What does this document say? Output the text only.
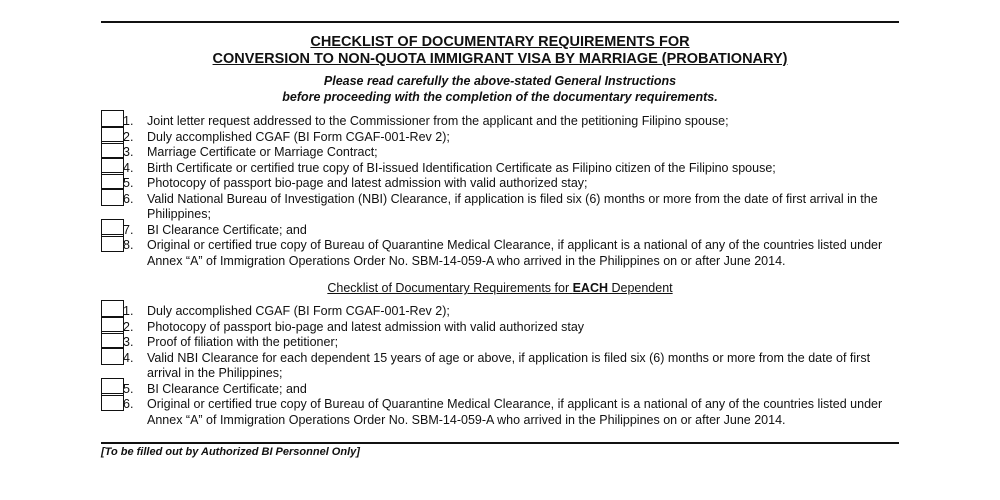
CHECKLIST OF DOCUMENTARY REQUIREMENTS FOR
CONVERSION TO NON-QUOTA IMMIGRANT VISA BY MARRIAGE (PROBATIONARY)
Please read carefully the above-stated General Instructions
before proceeding with the completion of the documentary requirements.
1.	Joint letter request addressed to the Commissioner from the applicant and the petitioning Filipino spouse;
2.	Duly accomplished CGAF (BI Form CGAF-001-Rev 2);
3.	Marriage Certificate or Marriage Contract;
4.	Birth Certificate or certified true copy of BI-issued Identification Certificate as Filipino citizen of the Filipino spouse;
5.	Photocopy of passport bio-page and latest admission with valid authorized stay;
6.	Valid National Bureau of Investigation (NBI) Clearance, if application is filed six (6) months or more from the date of first arrival in the Philippines;
7.	BI Clearance Certificate; and
8.	Original or certified true copy of Bureau of Quarantine Medical Clearance, if applicant is a national of any of the countries listed under Annex “A” of Immigration Operations Order No. SBM-14-059-A who arrived in the Philippines on or after June 2014.
Checklist of Documentary Requirements for EACH Dependent
1.	Duly accomplished CGAF (BI Form CGAF-001-Rev 2);
2.	Photocopy of passport bio-page and latest admission with valid authorized stay
3.	Proof of filiation with the petitioner;
4.	Valid NBI Clearance for each dependent 15 years of age or above, if application is filed six (6) months or more from the date of first arrival in the Philippines;
5.	BI Clearance Certificate; and
6.	Original or certified true copy of Bureau of Quarantine Medical Clearance, if applicant is a national of any of the countries listed under Annex “A” of Immigration Operations Order No. SBM-14-059-A who arrived in the Philippines on or after June 2014.
[To be filled out by Authorized BI Personnel Only]
